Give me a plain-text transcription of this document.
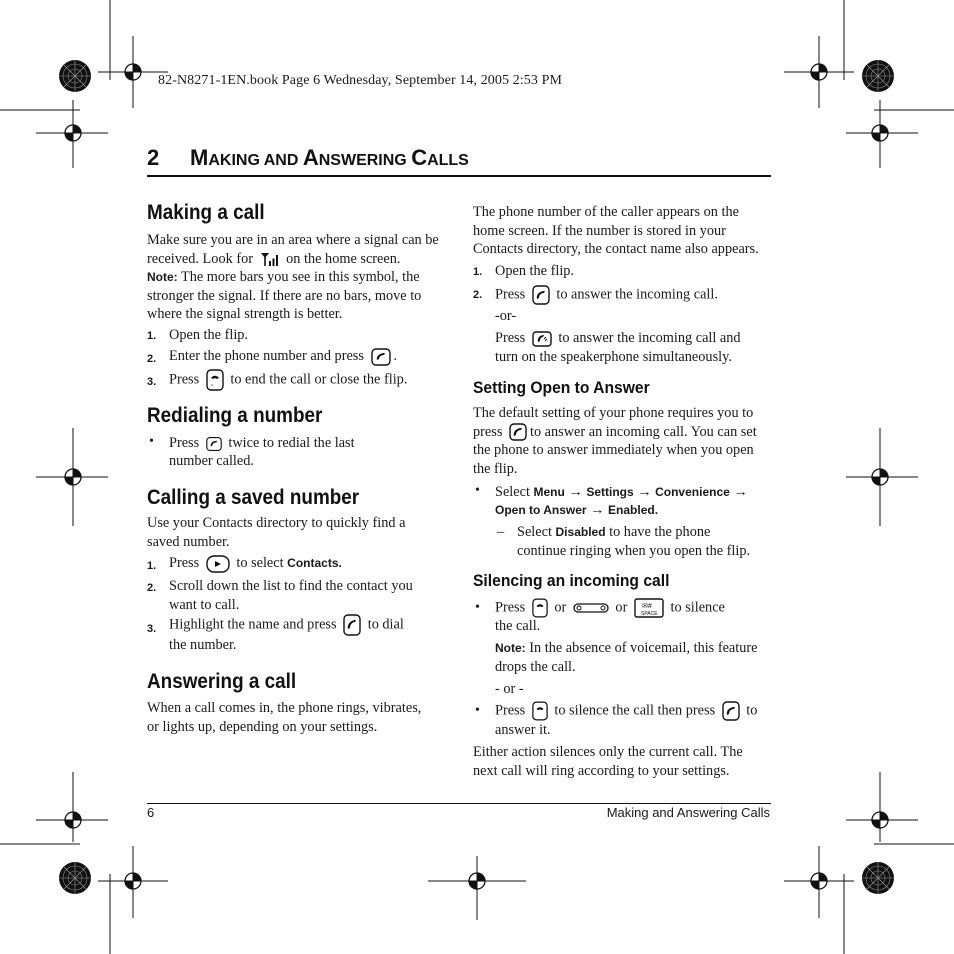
82-N8271-1EN.book Page 6 Wednesday, September 14, 2005 2:53 PM
2 MAKING AND ANSWERING CALLS
Making a call
Make sure you are in an area where a signal can be
received. Look for on the home screen.
Note: The more bars you see in this symbol, the
stronger the signal. If there are no bars, move to
where the signal strength is better.
1. Open the flip.
2. Enter the phone number and press .
3. Press ᵒ to end the call or close the flip.
Redialing a number
• Press twice to redial the last
number called.
Calling a saved number
Use your Contacts directory to quickly find a
saved number.
1. Press	to select Contacts.
2. Scroll down the list to find the contact you
want to call.
3. Highlight the name and press to dial
the number.
Answering a call
When a call comes in, the phone rings, vibrates,
or lights up, depending on your settings.
The phone number of the caller appears on the
home screen. If the number is stored in your
Contacts directory, the contact name also appears.
1. Open the flip.
2. Press to answer the incoming call.
-or-
Press to answer the incoming call and
turn on the speakerphone simultaneously.
Setting Open to Answer
The default setting of your phone requires you to
press to answer an incoming call. You can set
the phone to answer immediately when you open
the flip.
• Select Menu → Settings → Convenience →
Open to Answer → Enabled.
– Select Disabled to have the phone
continue ringing when you open the flip.
Silencing an incoming call
• Press or	or ✉#
SPACE to silence
the call.
Note: In the absence of voicemail, this feature
drops the call.
- or -
• Press to silence the call then press to
answer it.
Either action silences only the current call. The
next call will ring according to your settings.
6	Making and Answering Calls
